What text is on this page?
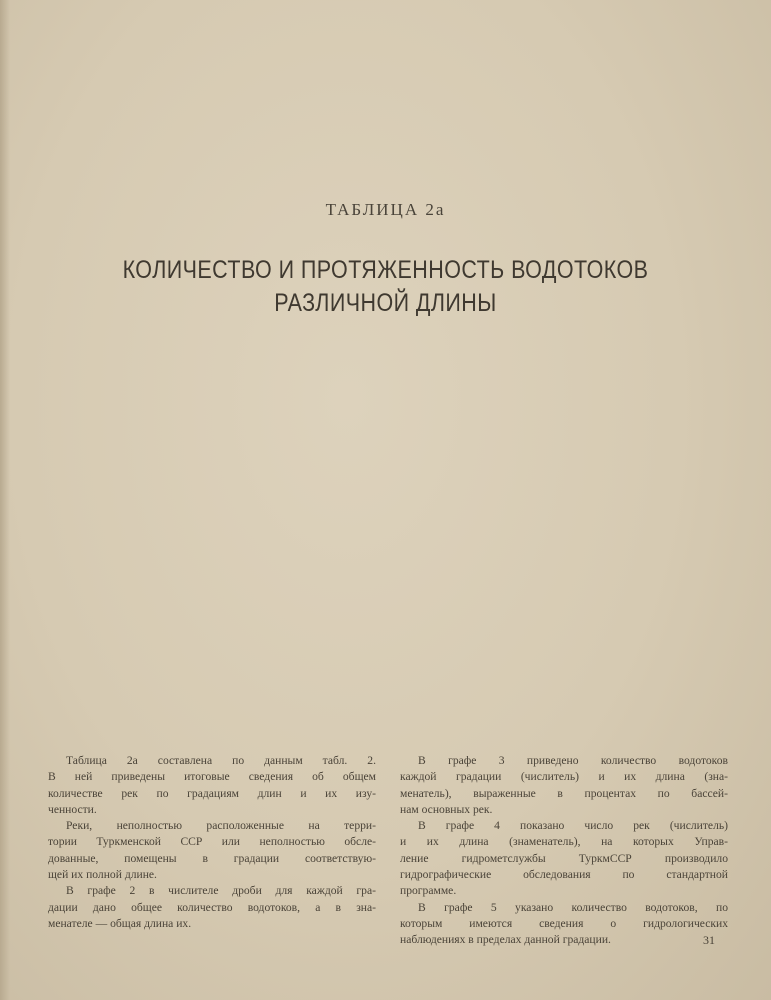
ТАБЛИЦА 2а
КОЛИЧЕСТВО И ПРОТЯЖЕННОСТЬ ВОДОТОКОВ
РАЗЛИЧНОЙ ДЛИНЫ
Таблица 2а составлена по данным табл. 2.
В ней приведены итоговые сведения об общем
количестве рек по градациям длин и их изу-
ченности.
Реки, неполностью расположенные на терри-
тории Туркменской ССР или неполностью обсле-
дованные, помещены в градации соответствую-
щей их полной длине.
В графе 2 в числителе дроби для каждой гра-
дации дано общее количество водотоков, а в зна-
менателе — общая длина их.
В графе 3 приведено количество водотоков
каждой градации (числитель) и их длина (зна-
менатель), выраженные в процентах по бассей-
нам основных рек.
В графе 4 показано число рек (числитель)
и их длина (знаменатель), на которых Управ-
ление гидрометслужбы ТуркмССР производило
гидрографические обследования по стандартной
программе.
В графе 5 указано количество водотоков, по
которым имеются сведения о гидрологических
наблюдениях в пределах данной градации.	31
